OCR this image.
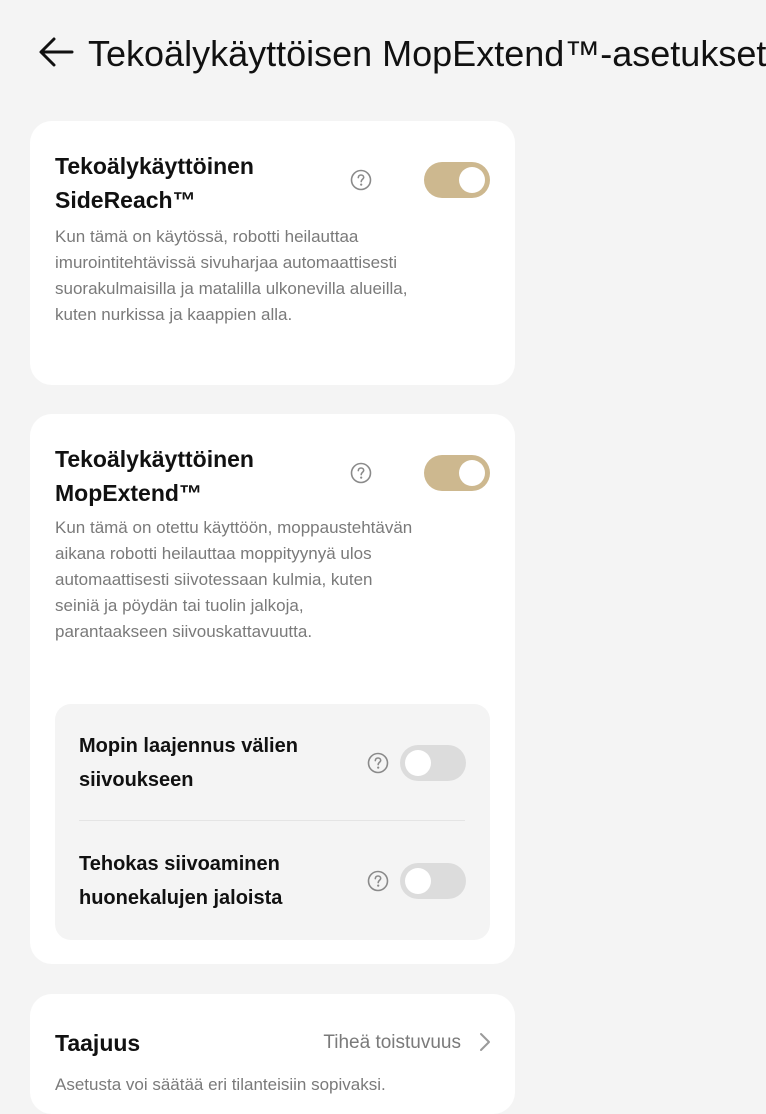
Tekoälykäyttöisen MopExtend™-asetukset
Tekoälykäyttöinen SideReach™
Kun tämä on käytössä, robotti heilauttaa imurointitehtävissä sivuharjaa automaattisesti suorakulmaisilla ja matalilla ulkonevilla alueilla, kuten nurkissa ja kaappien alla.
Tekoälykäyttöinen MopExtend™
Kun tämä on otettu käyttöön, moppaustehtävän aikana robotti heilauttaa moppityynyä ulos automaattisesti siivotessaan kulmia, kuten seiniä ja pöydän tai tuolin jalkoja, parantaakseen siivouskattavuutta.
Mopin laajennus välien siivoukseen
Tehokas siivoaminen huonekalujen jaloista
Taajuus	Tiheä toistuvuus
Asetusta voi säätää eri tilanteisiin sopivaksi.
